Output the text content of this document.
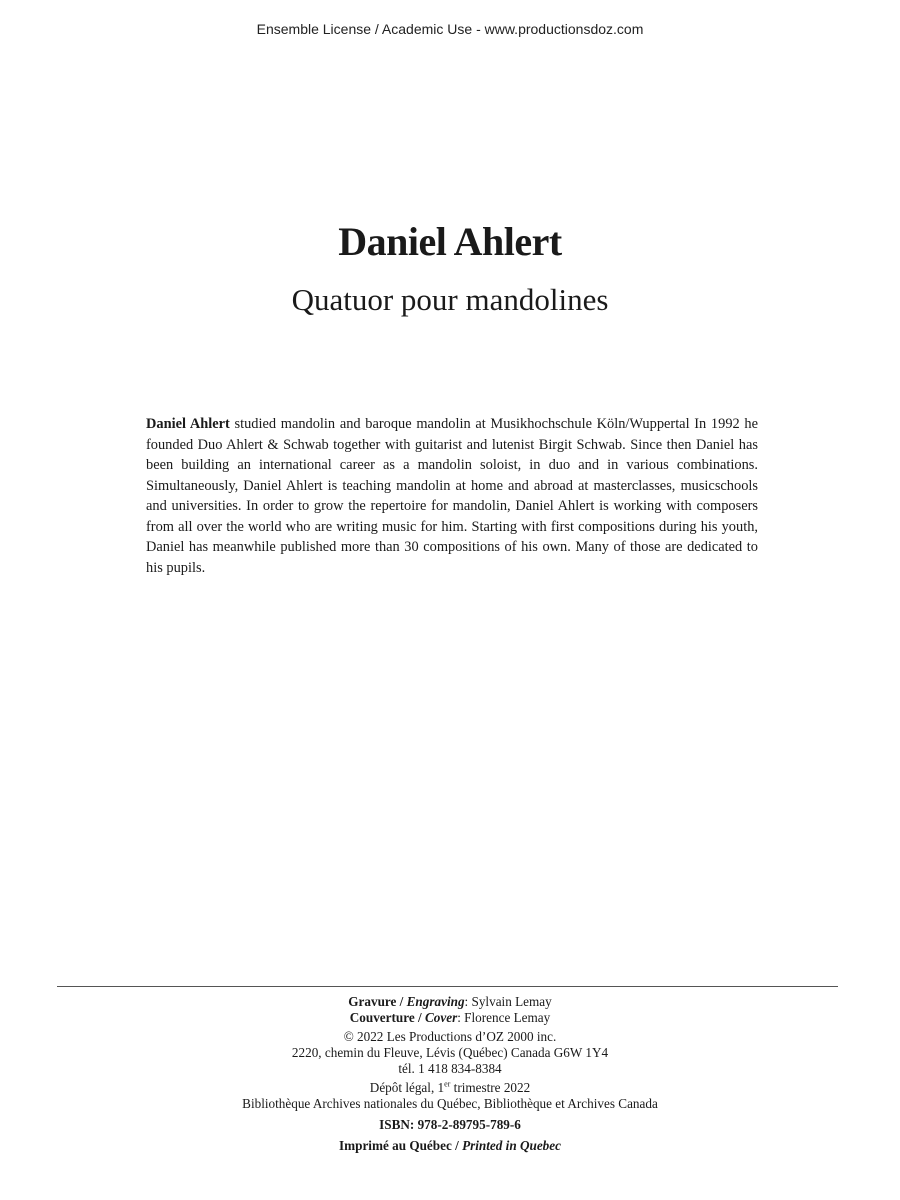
Ensemble License / Academic Use - www.productionsdoz.com
Daniel Ahlert
Quatuor pour mandolines
Daniel Ahlert studied mandolin and baroque mandolin at Musikhochschule Köln/Wuppertal In 1992 he founded Duo Ahlert & Schwab together with guitarist and lutenist Birgit Schwab. Since then Daniel has been building an international career as a mandolin soloist, in duo and in various combinations. Simultaneously, Daniel Ahlert is teaching mandolin at home and abroad at masterclasses, musicschools and universities. In order to grow the repertoire for mandolin, Daniel Ahlert is working with composers from all over the world who are writing music for him. Starting with first compositions during his youth, Daniel has meanwhile published more than 30 compositions of his own. Many of those are dedicated to his pupils.
Gravure / Engraving: Sylvain Lemay
Couverture / Cover: Florence Lemay
© 2022 Les Productions d’OZ 2000 inc.
2220, chemin du Fleuve, Lévis (Québec) Canada G6W 1Y4
tél. 1 418 834-8384
Dépôt légal, 1er trimestre 2022
Bibliothèque Archives nationales du Québec, Bibliothèque et Archives Canada
ISBN: 978-2-89795-789-6
Imprimé au Québec / Printed in Quebec
